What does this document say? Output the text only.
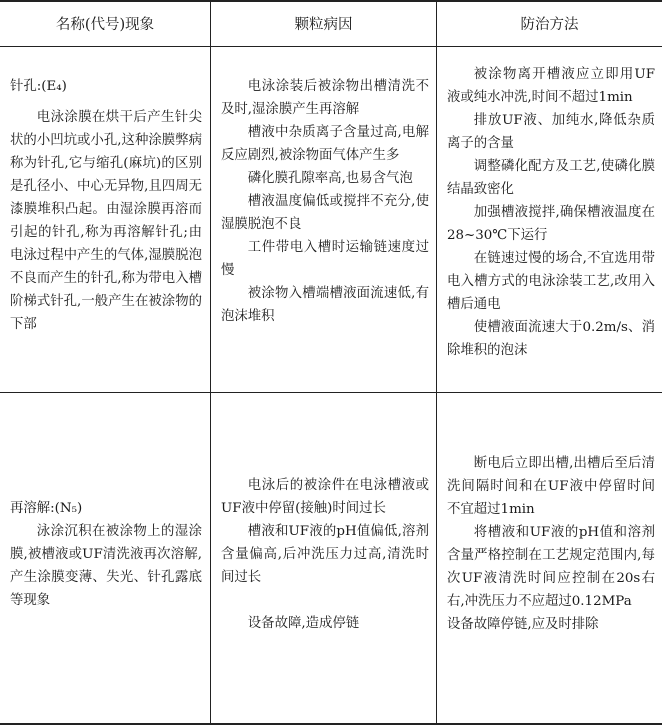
名称(代号)现象	颗粒病因	防治方法

针孔:(E₄)

电泳涂膜在烘干后产生针尖状的小凹坑或小孔,这种涂膜弊病称为针孔,它与缩孔(麻坑)的区别是孔径小、中心无异物,且四周无漆膜堆积凸起。由湿涂膜再溶而引起的针孔,称为再溶解针孔;由电泳过程中产生的气体,湿膜脱泡不良而产生的针孔,称为带电入槽阶梯式针孔,一般产生在被涂物的下部

电泳涂装后被涂物出槽清洗不及时,湿涂膜产生再溶解

槽液中杂质离子含量过高,电解反应剧烈,被涂物面气体产生多

磷化膜孔隙率高,也易含气泡

槽液温度偏低或搅拌不充分,使湿膜脱泡不良

工件带电入槽时运输链速度过慢

被涂物入槽端槽液面流速低,有泡沫堆积

被涂物离开槽液应立即用UF液或纯水冲洗,时间不超过1min

排放UF液、加纯水,降低杂质离子的含量

调整磷化配方及工艺,使磷化膜结晶致密化

加强槽液搅拌,确保槽液温度在28~30℃下运行

在链速过慢的场合,不宜选用带电入槽方式的电泳涂装工艺,改用入槽后通电

使槽液面流速大于0.2m/s、消除堆积的泡沫

再溶解:(N₅)

泳涂沉积在被涂物上的湿涂膜,被槽液或UF清洗液再次溶解,产生涂膜变薄、失光、针孔露底等现象

电泳后的被涂件在电泳槽液或UF液中停留(接触)时间过长

槽液和UF液的pH值偏低,溶剂含量偏高,后冲洗压力过高,清洗时间过长

设备故障,造成停链

断电后立即出槽,出槽后至后清洗间隔时间和在UF液中停留时间不宜超过1min

将槽液和UF液的pH值和溶剂含量严格控制在工艺规定范围内,每次UF液清洗时间应控制在20s右右,冲洗压力不应超过0.12MPa

设备故障停链,应及时排除
